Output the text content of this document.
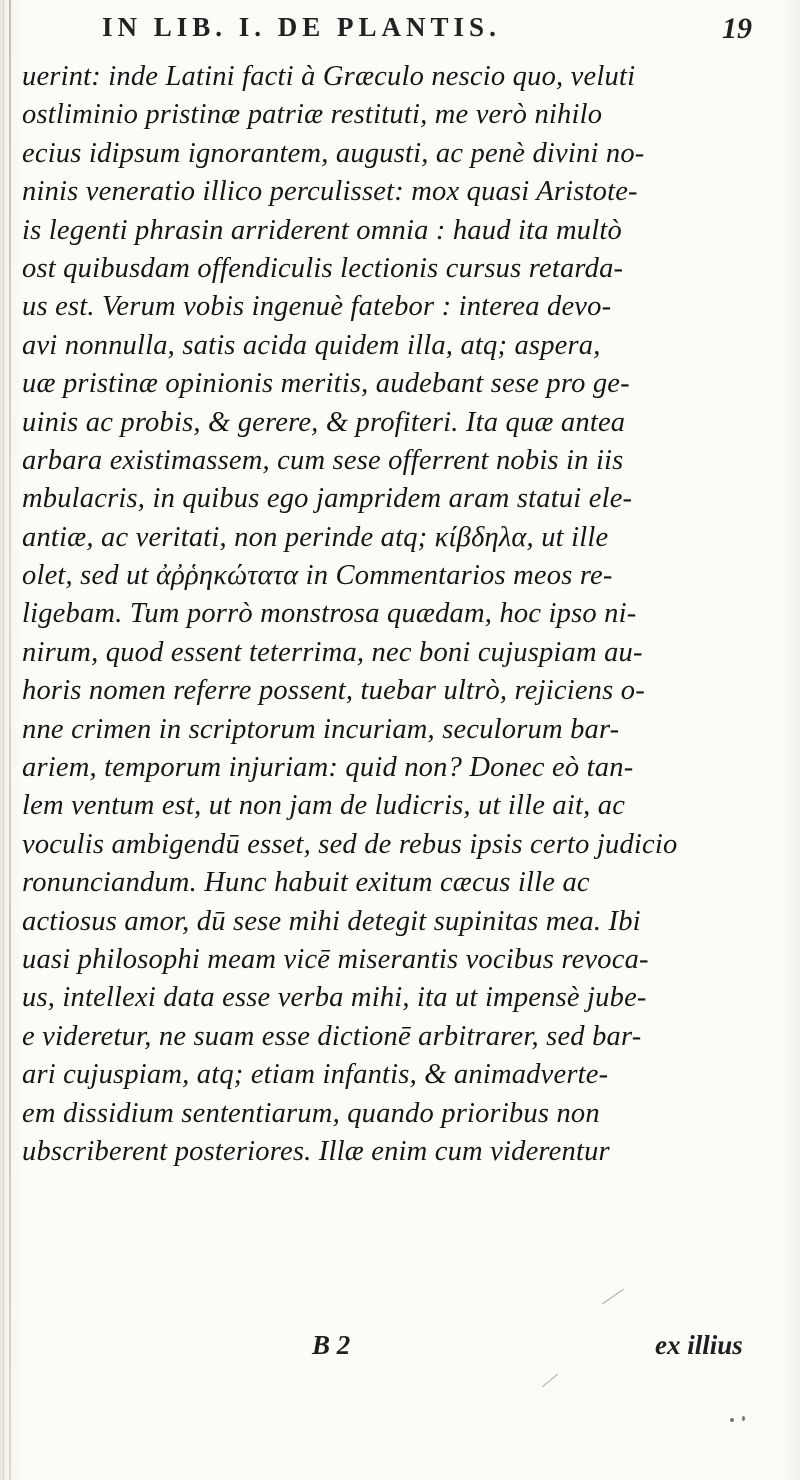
IN LIB. I. DE PLANTIS.	19
uerint: inde Latini facti à Græculo nescio quo, veluti
ostliminio pristinæ patriæ restituti, me verò nihilo
ecius idipsum ignorantem, augusti, ac penè divini no-
ninis veneratio illico perculisset: mox quasi Aristote-
is legenti phrasin arriderent omnia : haud ita multò
ost quibusdam offendiculis lectionis cursus retarda-
us est. Verum vobis ingenuè fatebor : interea devo-
avi nonnulla, satis acida quidem illa, atq; aspera,
uæ pristinæ opinionis meritis, audebant sese pro ge-
uinis ac probis, & gerere, & profiteri. Ita quæ antea
arbara existimassem, cum sese offerrent nobis in iis
mbulacris, in quibus ego jampridem aram statui ele-
antiæ, ac veritati, non perinde atq; κίβδηλα, ut ille
olet, sed ut ἀῤῥηκώτατα in Commentarios meos re-
ligebam. Tum porrò monstrosa quædam, hoc ipso ni-
nirum, quod essent teterrima, nec boni cujuspiam au-
horis nomen referre possent, tuebar ultrò, rejiciens o-
nne crimen in scriptorum incuriam, seculorum bar-
ariem, temporum injuriam: quid non? Donec eò tan-
lem ventum est, ut non jam de ludicris, ut ille ait, ac
voculis ambigendū esset, sed de rebus ipsis certo judicio
ronunciandum. Hunc habuit exitum cæcus ille ac
actiosus amor, dū sese mihi detegit supinitas mea. Ibi
uasi philosophi meam vicē miserantis vocibus revoca-
us, intellexi data esse verba mihi, ita ut impensè jube-
e videretur, ne suam esse dictionē arbitrarer, sed bar-
ari cujuspiam, atq; etiam infantis, & animadverte-
em dissidium sententiarum, quando prioribus non
ubscriberent posteriores. Illæ enim cum viderentur
B 2	ex illius
